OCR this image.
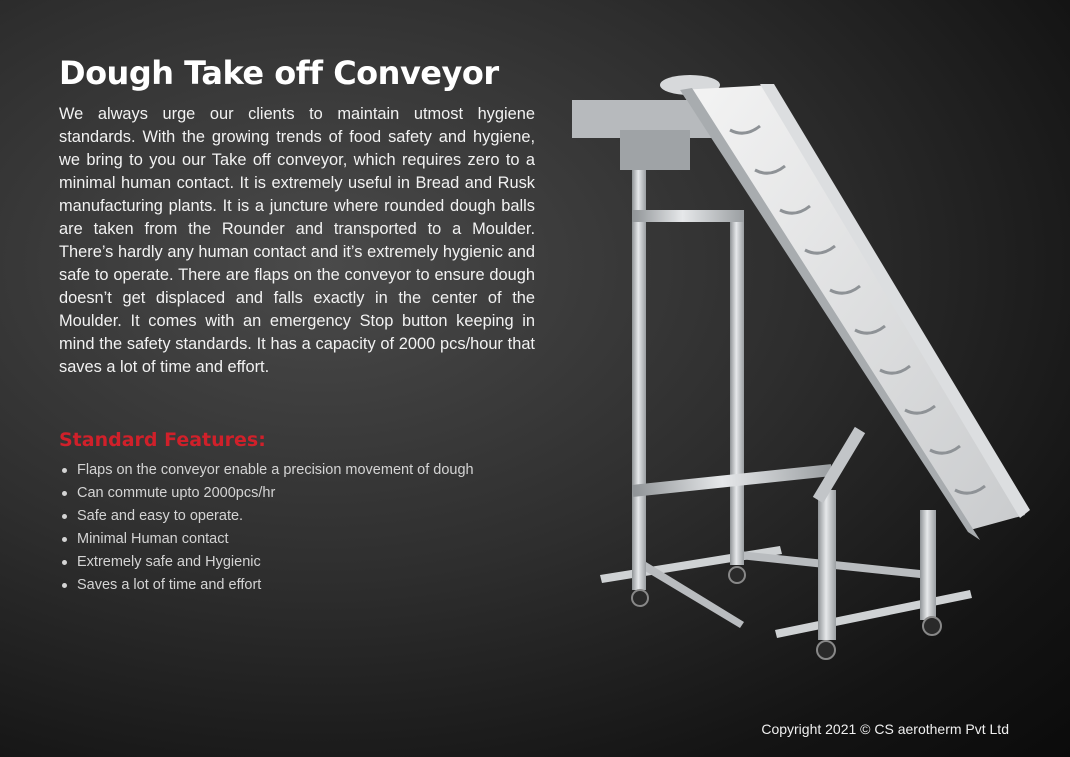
Dough Take off Conveyor

We always urge our clients to maintain utmost hygiene standards. With the growing trends of food safety and hygiene, we bring to you our Take off conveyor, which requires zero to a minimal human contact. It is extremely useful in Bread and Rusk manufacturing plants. It is a juncture where rounded dough balls are taken from the Rounder and transported to a Moulder. There’s hardly any human contact and it’s extremely hygienic and safe to operate. There are flaps on the conveyor to ensure dough doesn’t get displaced and falls exactly in the center of the Moulder. It comes with an emergency Stop button keeping in mind the safety standards. It has a capacity of 2000 pcs/hour that saves a lot of time and effort.

Standard Features:
Flaps on the conveyor enable a precision movement of dough
Can commute upto 2000pcs/hr
Safe and easy to operate.
Minimal Human contact
Extremely safe and Hygienic
Saves a lot of time and effort
Copyright 2021 © CS aerotherm Pvt Ltd
